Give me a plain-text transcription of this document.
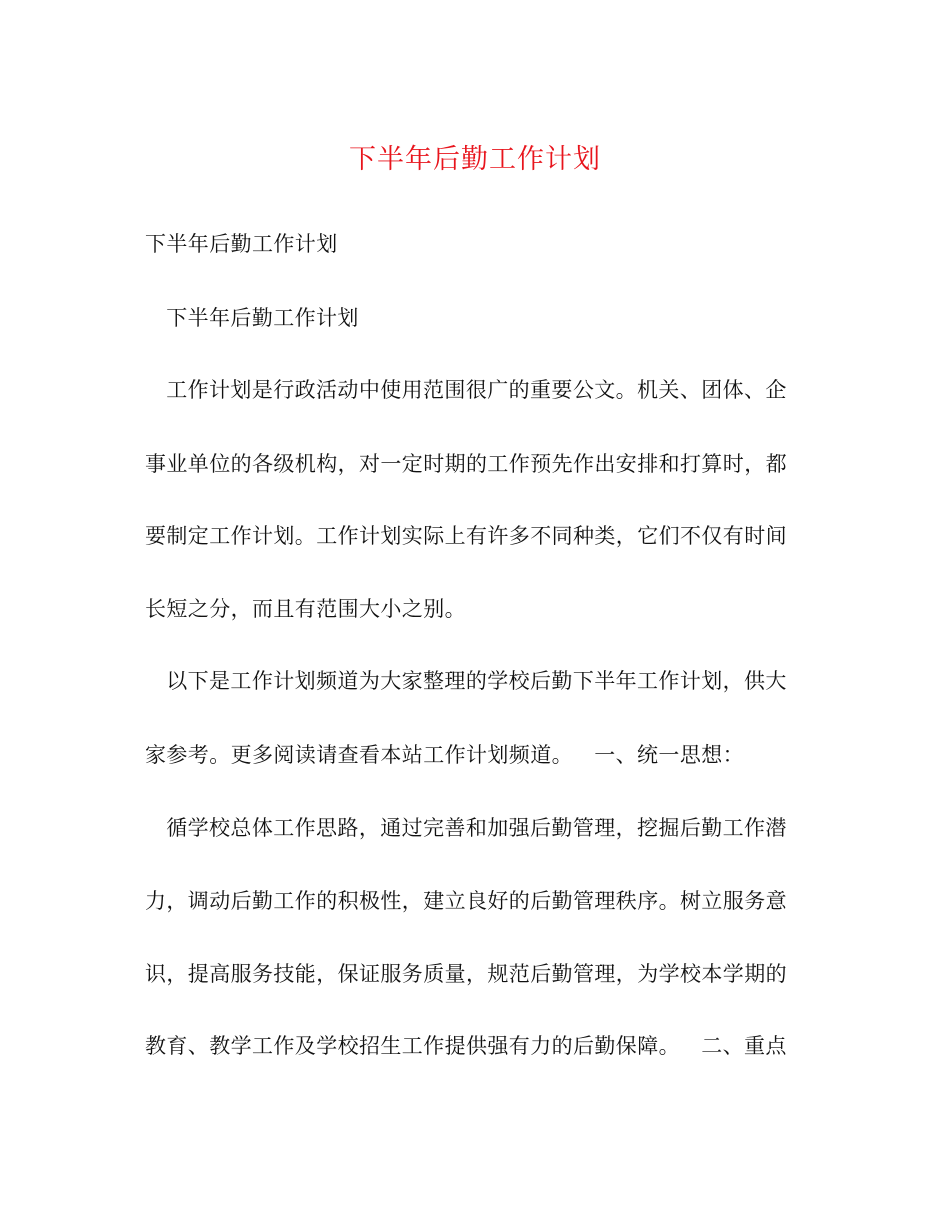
下半年后勤工作计划
下半年后勤工作计划
下半年后勤工作计划
工作计划是行政活动中使用范围很广的重要公文。机关、团体、企
事业单位的各级机构，对一定时期的工作预先作出安排和打算时，都
要制定工作计划。工作计划实际上有许多不同种类，它们不仅有时间
长短之分，而且有范围大小之别。
以下是工作计划频道为大家整理的学校后勤下半年工作计划，供大
家参考。更多阅读请查看本站工作计划频道。   一、统一思想：
循学校总体工作思路，通过完善和加强后勤管理，挖掘后勤工作潜
力，调动后勤工作的积极性，建立良好的后勤管理秩序。树立服务意
识，提高服务技能，保证服务质量，规范后勤管理，为学校本学期的
教育、教学工作及学校招生工作提供强有力的后勤保障。   二、重点
